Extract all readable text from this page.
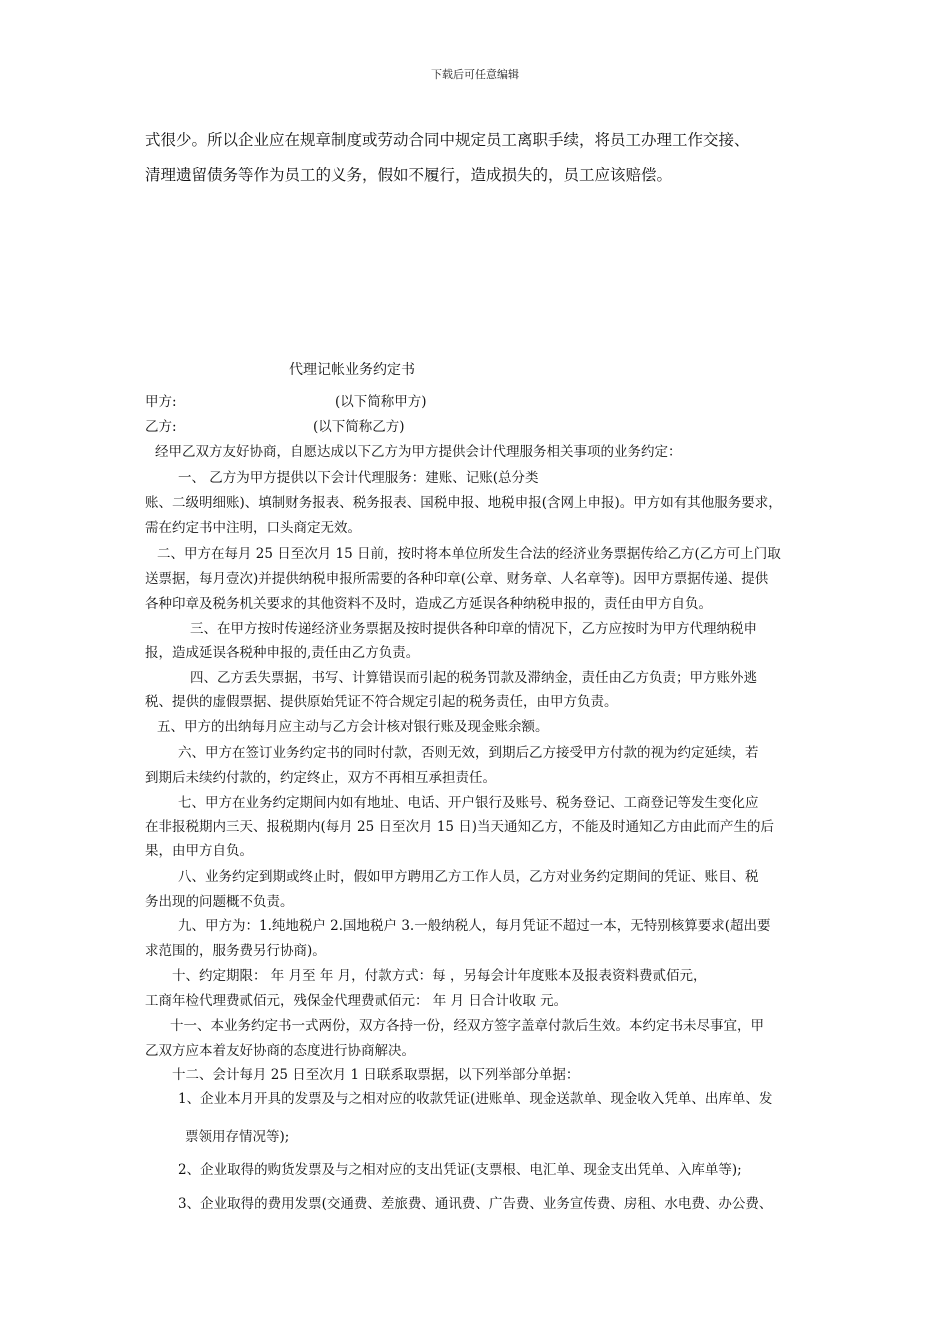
下载后可任意编辑
式很少。所以企业应在规章制度或劳动合同中规定员工离职手续，将员工办理工作交接、
清理遗留债务等作为员工的义务，假如不履行，造成损失的，员工应该赔偿。
代理记帐业务约定书
甲方:	(以下简称甲方)
乙方:	(以下简称乙方)
经甲乙双方友好协商，自愿达成以下乙方为甲方提供会计代理服务相关事项的业务约定：
一、 乙方为甲方提供以下会计代理服务：建账、记账(总分类
账、二级明细账)、填制财务报表、税务报表、国税申报、地税申报(含网上申报)。甲方如有其他服务要求，
需在约定书中注明，口头商定无效。
二、甲方在每月 25 日至次月 15 日前，按时将本单位所发生合法的经济业务票据传给乙方(乙方可上门取
送票据，每月壹次)并提供纳税申报所需要的各种印章(公章、财务章、人名章等)。因甲方票据传递、提供
各种印章及税务机关要求的其他资料不及时，造成乙方延误各种纳税申报的，责任由甲方自负。
三、在甲方按时传递经济业务票据及按时提供各种印章的情况下，乙方应按时为甲方代理纳税申
报，造成延误各税种申报的,责任由乙方负责。
四、乙方丢失票据，书写、计算错误而引起的税务罚款及滞纳金，责任由乙方负责；甲方账外逃
税、提供的虚假票据、提供原始凭证不符合规定引起的税务责任，由甲方负责。
五、甲方的出纳每月应主动与乙方会计核对银行账及现金账余额。
六、甲方在签订业务约定书的同时付款，否则无效，到期后乙方接受甲方付款的视为约定延续，若
到期后未续约付款的，约定终止，双方不再相互承担责任。
七、甲方在业务约定期间内如有地址、电话、开户银行及账号、税务登记、工商登记等发生变化应
在非报税期内三天、报税期内(每月 25 日至次月 15 日)当天通知乙方，不能及时通知乙方由此而产生的后
果，由甲方自负。
八、业务约定到期或终止时，假如甲方聘用乙方工作人员，乙方对业务约定期间的凭证、账目、税
务出现的问题概不负责。
九、甲方为：1.纯地税户 2.国地税户 3.一般纳税人，每月凭证不超过一本，无特别核算要求(超出要
求范围的，服务费另行协商)。
十、约定期限： 年 月至 年 月，付款方式：每 ，另每会计年度账本及报表资料费贰佰元，
工商年检代理费贰佰元，残保金代理费贰佰元： 年 月 日合计收取 元。
十一、本业务约定书一式两份，双方各持一份，经双方签字盖章付款后生效。本约定书未尽事宜，甲
乙双方应本着友好协商的态度进行协商解决。
十二、会计每月 25 日至次月 1 日联系取票据，以下列举部分单据：
1、企业本月开具的发票及与之相对应的收款凭证(进账单、现金送款单、现金收入凭单、出库单、发
票领用存情况等);
2、企业取得的购货发票及与之相对应的支出凭证(支票根、电汇单、现金支出凭单、入库单等);
3、企业取得的费用发票(交通费、差旅费、通讯费、广告费、业务宣传费、房租、水电费、办公费、
